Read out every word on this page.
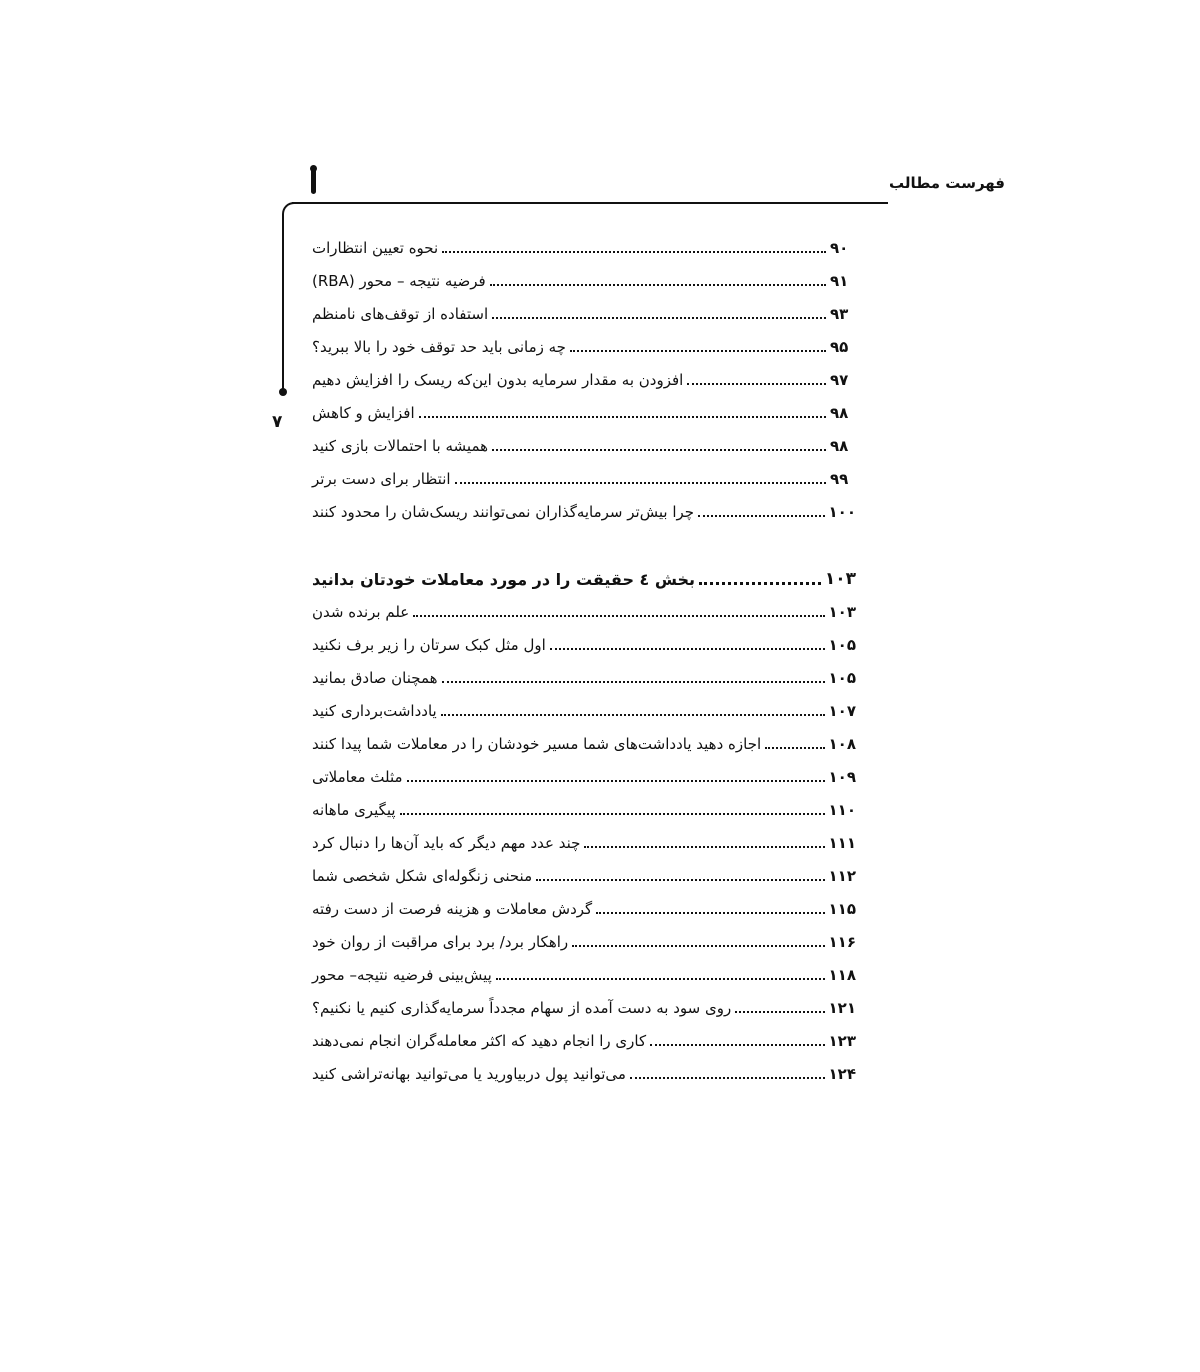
فهرست مطالب
۷
نحوه تعیین انتظارات	۹۰
فرضیه نتیجه – محور (RBA)	۹۱
استفاده از توقف‌های نامنظم	۹۳
چه زمانی باید حد توقف خود را بالا ببرید؟	۹۵
افزودن به مقدار سرمایه بدون این‌که ریسک را افزایش دهیم	۹۷
افزایش و کاهش	۹۸
همیشه با احتمالات بازی کنید	۹۸
انتظار برای دست برتر	۹۹
چرا بیش‌تر سرمایه‌گذاران نمی‌توانند ریسک‌شان را محدود کنند	۱۰۰
بخش ٤ حقیقت را در مورد معاملات خودتان بدانید	۱۰۳
علم برنده شدن	۱۰۳
اول مثل کبک سرتان را زیر برف نکنید	۱۰۵
همچنان صادق بمانید	۱۰۵
یادداشت‌برداری کنید	۱۰۷
اجازه دهید یادداشت‌های شما مسیر خودشان را در معاملات شما پیدا کنند	۱۰۸
مثلث معاملاتی	۱۰۹
پیگیری ماهانه	۱۱۰
چند عدد مهم دیگر که باید آن‌ها را دنبال کرد	۱۱۱
منحنی زنگوله‌ای شکل شخصی شما	۱۱۲
گردش معاملات و هزینه فرصت از دست رفته	۱۱۵
راهکار برد/ برد برای مراقبت از روان خود	۱۱۶
پیش‌بینی فرضیه نتیجه– محور	۱۱۸
روی سود به دست آمده از سهام مجدداً سرمایه‌گذاری کنیم یا نکنیم؟	۱۲۱
کاری را انجام دهید که اکثر معامله‌گران انجام نمی‌دهند	۱۲۳
می‌توانید پول دربیاورید یا می‌توانید بهانه‌تراشی کنید	۱۲۴
